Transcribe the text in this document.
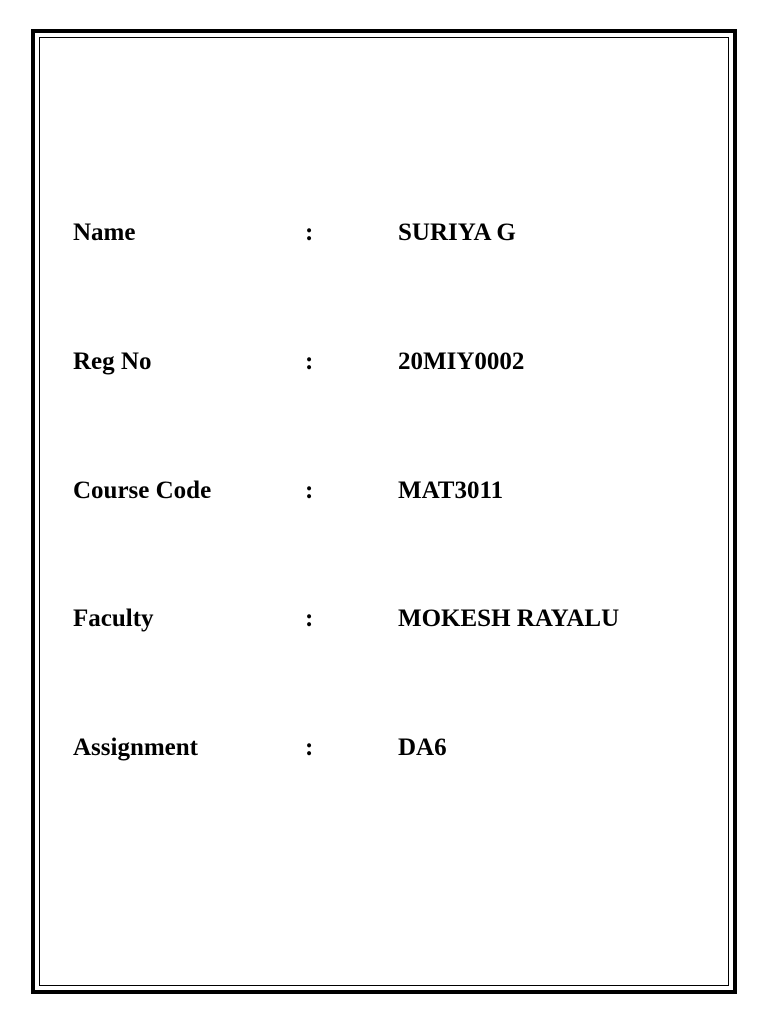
Name	:	SURIYA G
Reg No	:	20MIY0002
Course Code	:	MAT3011
Faculty	:	MOKESH RAYALU
Assignment	:	DA6
